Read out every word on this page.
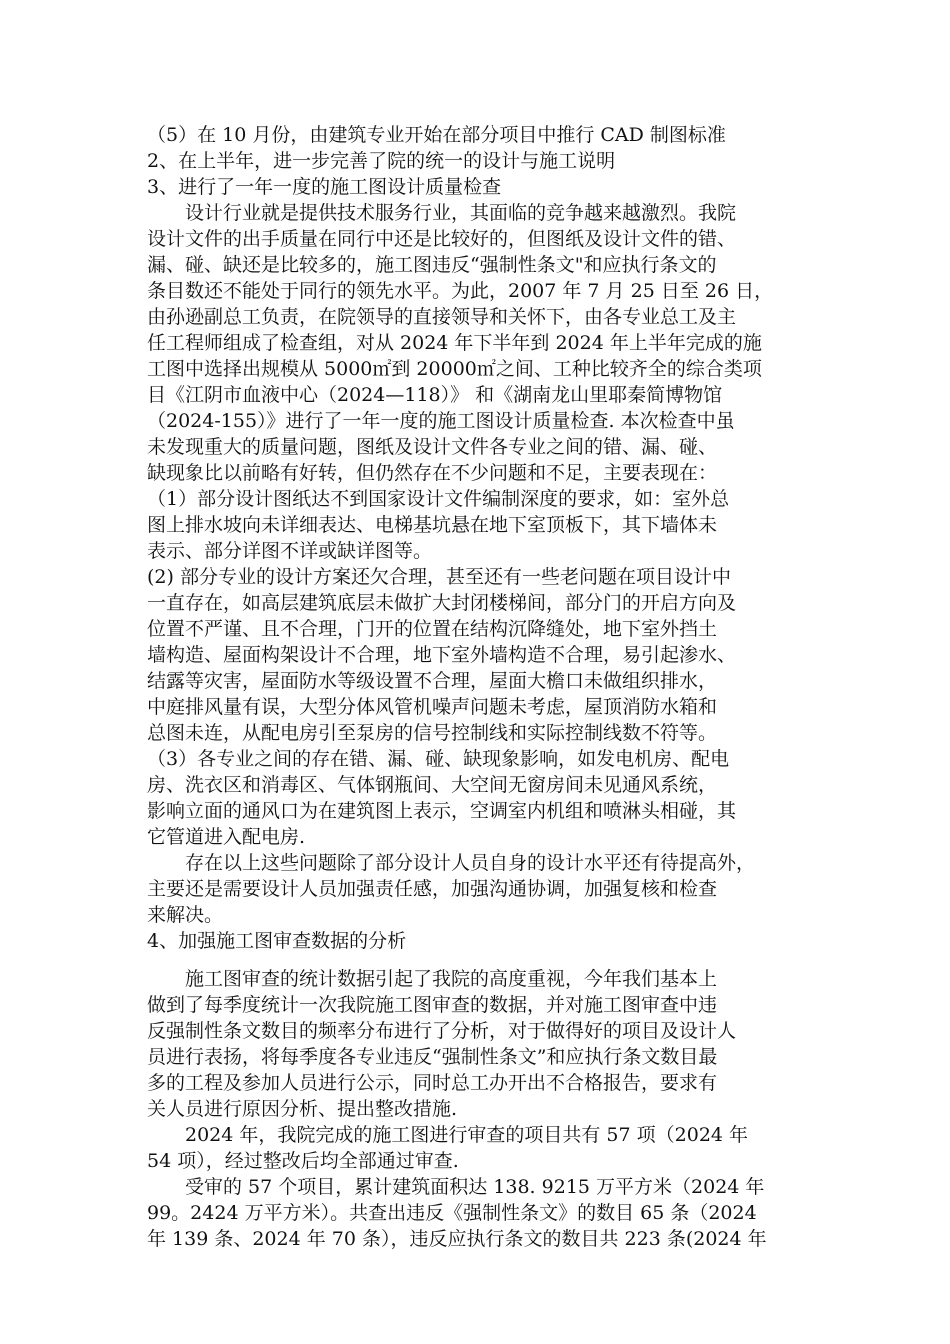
（5）在 10 月份，由建筑专业开始在部分项目中推行 CAD 制图标准
2、在上半年，进一步完善了院的统一的设计与施工说明
3、进行了一年一度的施工图设计质量检查
　　设计行业就是提供技术服务行业，其面临的竞争越来越激烈。我院
设计文件的出手质量在同行中还是比较好的，但图纸及设计文件的错、
漏、碰、缺还是比较多的，施工图违反“强制性条文"和应执行条文的
条目数还不能处于同行的领先水平。为此，2007 年 7 月 25 日至 26 日，
由孙逊副总工负责，在院领导的直接领导和关怀下，由各专业总工及主
任工程师组成了检查组，对从 2024 年下半年到 2024 年上半年完成的施
工图中选择出规模从 5000㎡到 20000㎡之间、工种比较齐全的综合类项
目《江阴市血液中心（2024—118）》 和《湖南龙山里耶秦简博物馆
（2024-155）》进行了一年一度的施工图设计质量检查. 本次检查中虽
未发现重大的质量问题，图纸及设计文件各专业之间的错、漏、碰、
缺现象比以前略有好转，但仍然存在不少问题和不足，主要表现在：
（1）部分设计图纸达不到国家设计文件编制深度的要求，如：室外总
图上排水坡向未详细表达、电梯基坑悬在地下室顶板下，其下墙体未
表示、部分详图不详或缺详图等。
(2) 部分专业的设计方案还欠合理，甚至还有一些老问题在项目设计中
一直存在，如高层建筑底层未做扩大封闭楼梯间，部分门的开启方向及
位置不严谨、且不合理，门开的位置在结构沉降缝处，地下室外挡土
墙构造、屋面构架设计不合理，地下室外墙构造不合理，易引起渗水、
结露等灾害，屋面防水等级设置不合理，屋面大檐口未做组织排水，
中庭排风量有误，大型分体风管机噪声问题未考虑，屋顶消防水箱和
总图未连，从配电房引至泵房的信号控制线和实际控制线数不符等。
（3）各专业之间的存在错、漏、碰、缺现象影响，如发电机房、配电
房、洗衣区和消毒区、气体钢瓶间、大空间无窗房间未见通风系统，
影响立面的通风口为在建筑图上表示，空调室内机组和喷淋头相碰，其
它管道进入配电房.
　　存在以上这些问题除了部分设计人员自身的设计水平还有待提高外，
主要还是需要设计人员加强责任感，加强沟通协调，加强复核和检查
来解决。
4、加强施工图审查数据的分析
　　施工图审查的统计数据引起了我院的高度重视，今年我们基本上
做到了每季度统计一次我院施工图审查的数据，并对施工图审查中违
反强制性条文数目的频率分布进行了分析，对于做得好的项目及设计人
员进行表扬，将每季度各专业违反“强制性条文”和应执行条文数目最
多的工程及参加人员进行公示，同时总工办开出不合格报告，要求有
关人员进行原因分析、提出整改措施.
　　2024 年，我院完成的施工图进行审查的项目共有 57 项（2024 年
54 项），经过整改后均全部通过审查.
　　受审的 57 个项目，累计建筑面积达 138. 9215 万平方米（2024 年
99。2424 万平方米）。共查出违反《强制性条文》的数目 65 条（2024
年 139 条、2024 年 70 条），违反应执行条文的数目共 223 条(2024 年
